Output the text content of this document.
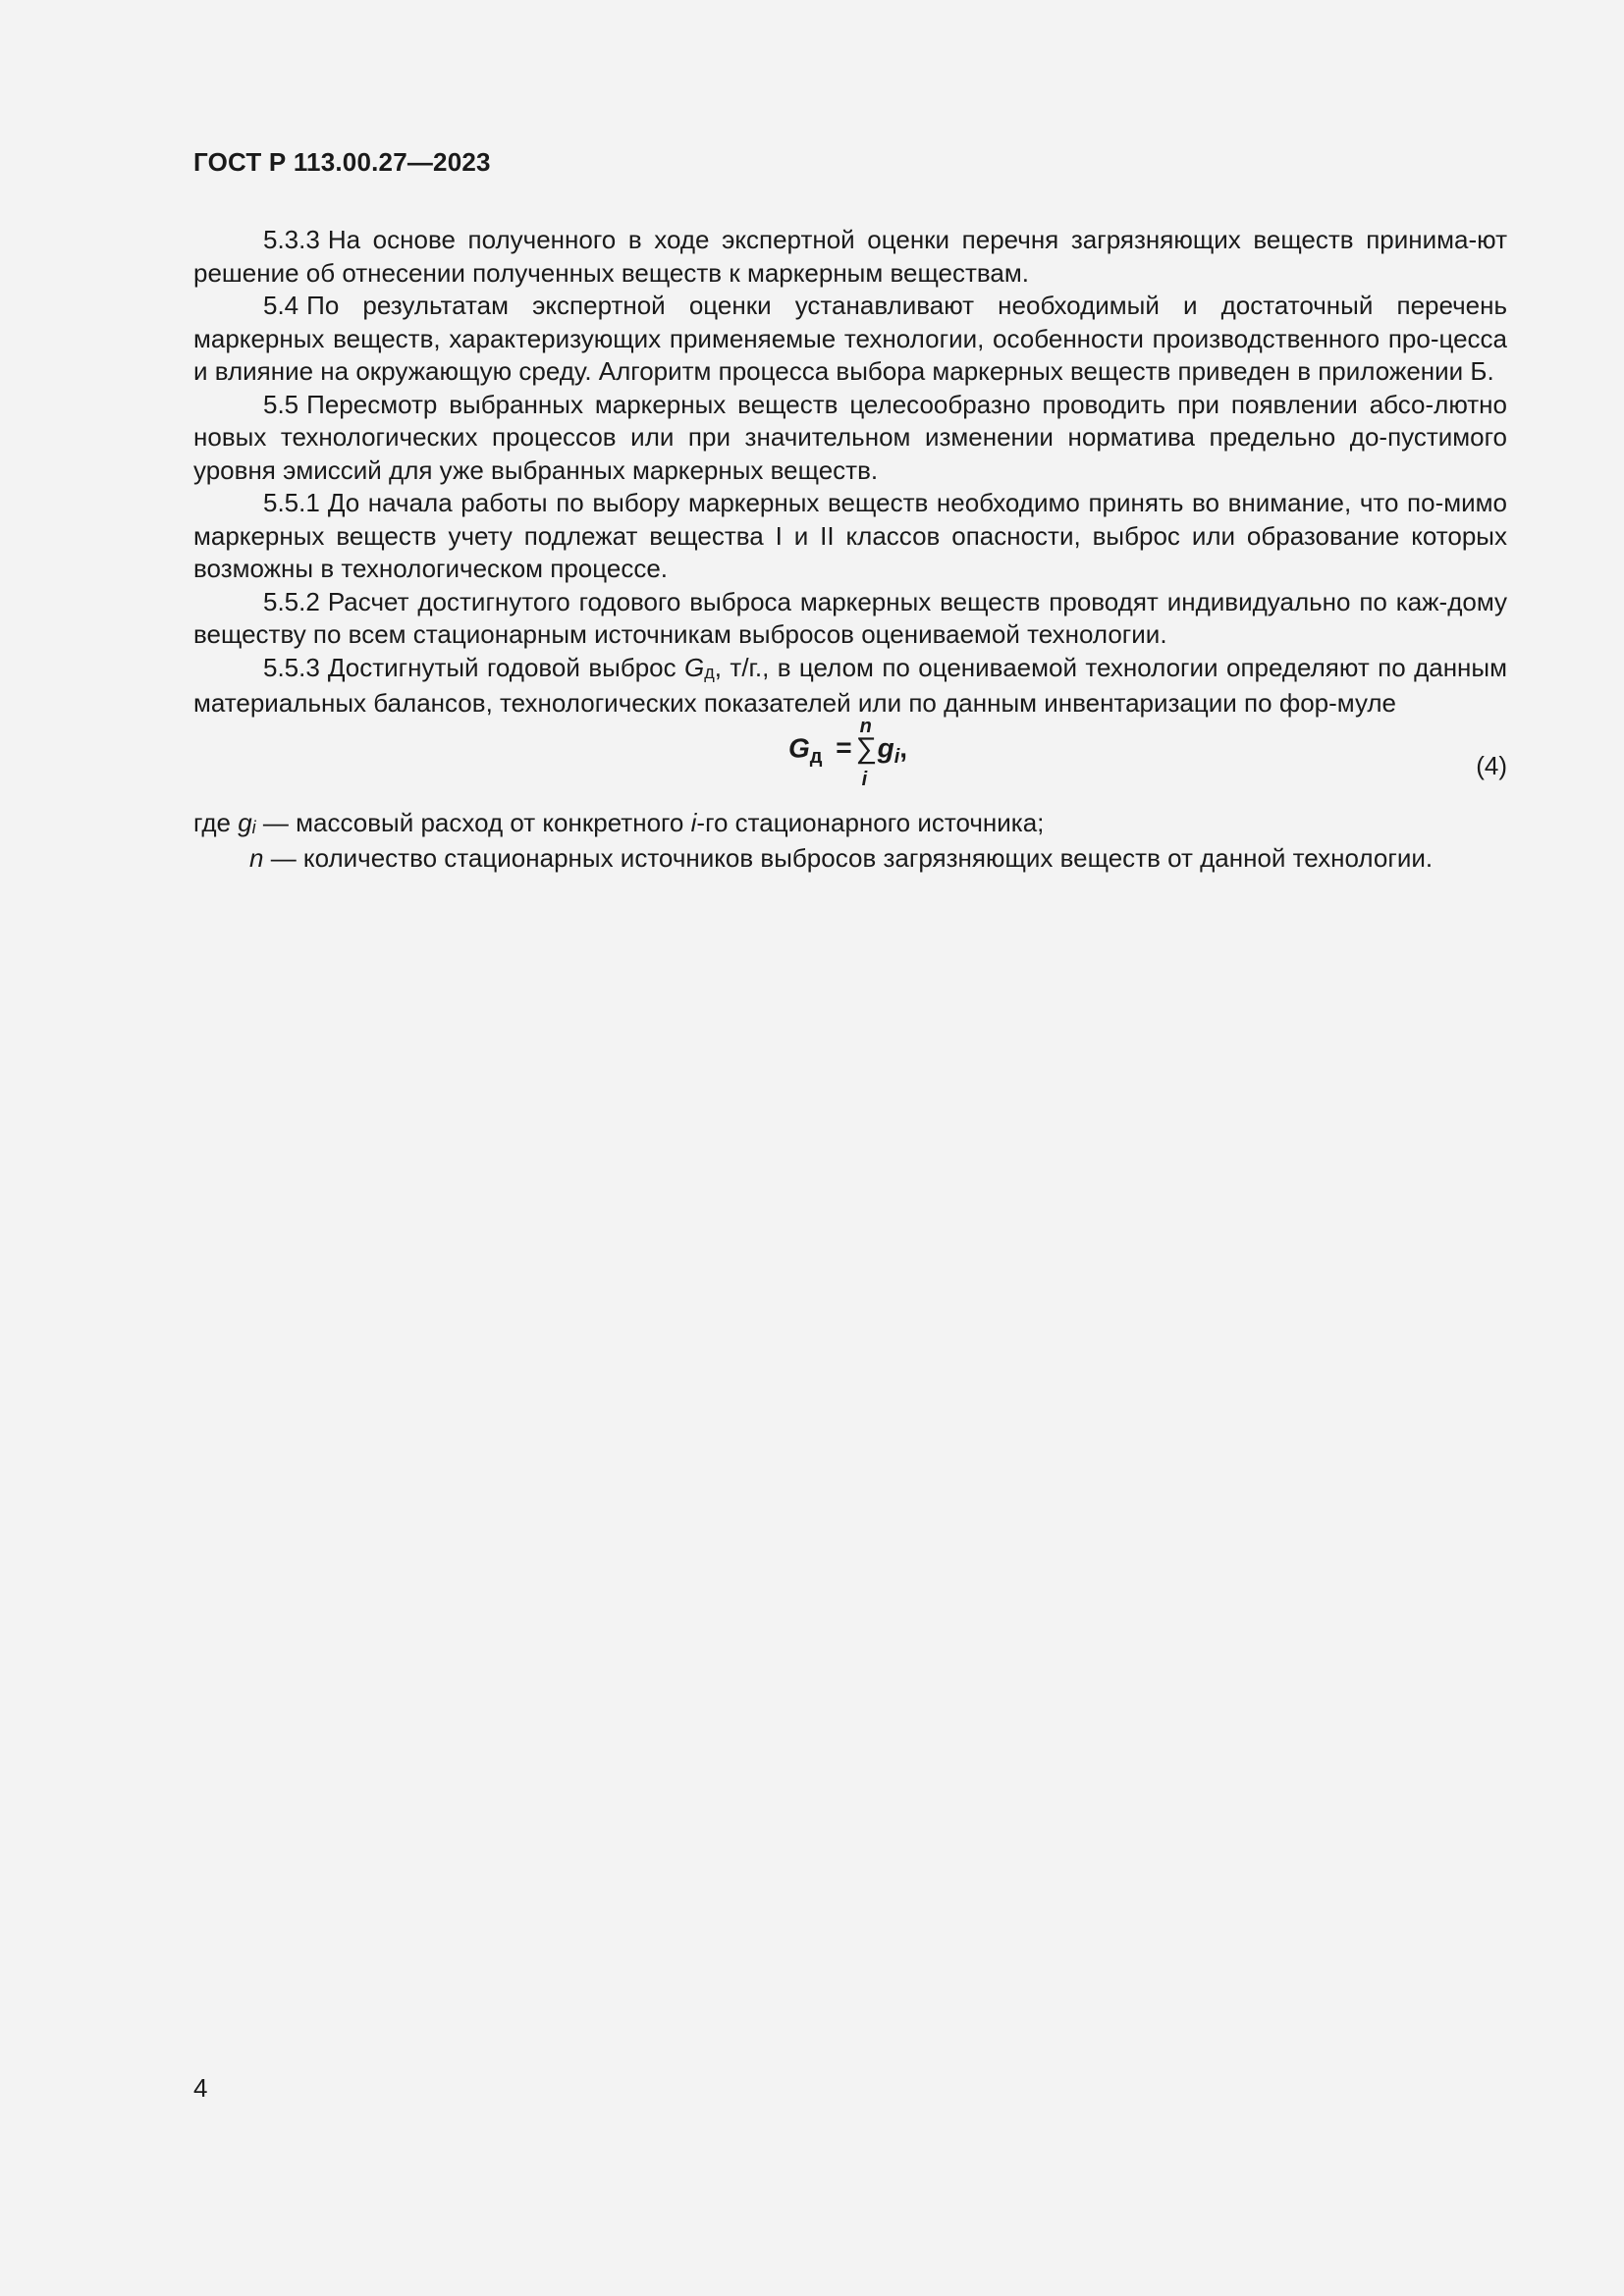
ГОСТ Р 113.00.27—2023

5.3.3 На основе полученного в ходе экспертной оценки перечня загрязняющих веществ принима-ют решение об отнесении полученных веществ к маркерным веществам.

5.4 По результатам экспертной оценки устанавливают необходимый и достаточный перечень маркерных веществ, характеризующих применяемые технологии, особенности производственного про-цесса и влияние на окружающую среду. Алгоритм процесса выбора маркерных веществ приведен в приложении Б.

5.5 Пересмотр выбранных маркерных веществ целесообразно проводить при появлении абсо-лютно новых технологических процессов или при значительном изменении норматива предельно до-пустимого уровня эмиссий для уже выбранных маркерных веществ.

5.5.1 До начала работы по выбору маркерных веществ необходимо принять во внимание, что по-мимо маркерных веществ учету подлежат вещества I и II классов опасности, выброс или образование которых возможны в технологическом процессе.

5.5.2 Расчет достигнутого годового выброса маркерных веществ проводят индивидуально по каж-дому веществу по всем стационарным источникам выбросов оцениваемой технологии.

5.5.3 Достигнутый годовой выброс $G_д$, т/г., в целом по оцениваемой технологии определяют по данным материальных балансов, технологических показателей или по данным инвентаризации по фор-муле

$G_д$ =
n
∑
i
$g_i$,
(4)

где $g_i$ — массовый расход от конкретного i-го стационарного источника;

n — количество стационарных источников выбросов загрязняющих веществ от данной технологии.

4
